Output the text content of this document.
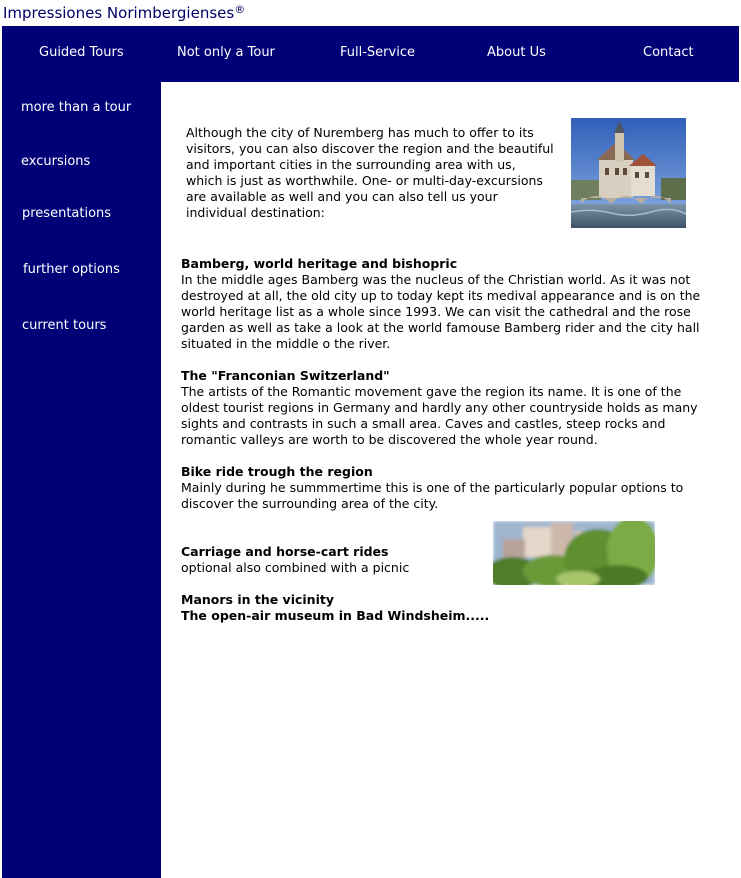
Impressiones Norimbergienses®
Guided Tours	Not only a Tour	Full-Service	About Us	Contact
more than a tour
excursions
presentations
further options
current tours
Although the city of Nuremberg has much to offer to its visitors, you can also discover the region and the beautiful and important cities in the surrounding area with us, which is just as worthwhile. One- or multi-day-excursions are available as well and you can also tell us your individual destination:
Bamberg, world heritage and bishopric
In the middle ages Bamberg was the nucleus of the Christian world. As it was not destroyed at all, the old city up to today kept its medival appearance and is on the world heritage list as a whole since 1993. We can visit the cathedral and the rose garden as well as take a look at the world famouse Bamberg rider and the city hall situated in the middle o the river.
The "Franconian Switzerland"
The artists of the Romantic movement gave the region its name. It is one of the oldest tourist regions in Germany and hardly any other countryside holds as many sights and contrasts in such a small area. Caves and castles, steep rocks and romantic valleys are worth to be discovered the whole year round.
Bike ride trough the region
Mainly during he summmertime this is one of the particularly popular options to discover the surrounding area of the city.
Carriage and horse-cart rides
optional also combined with a picnic
Manors in the vicinity
The open-air museum in Bad Windsheim.....
